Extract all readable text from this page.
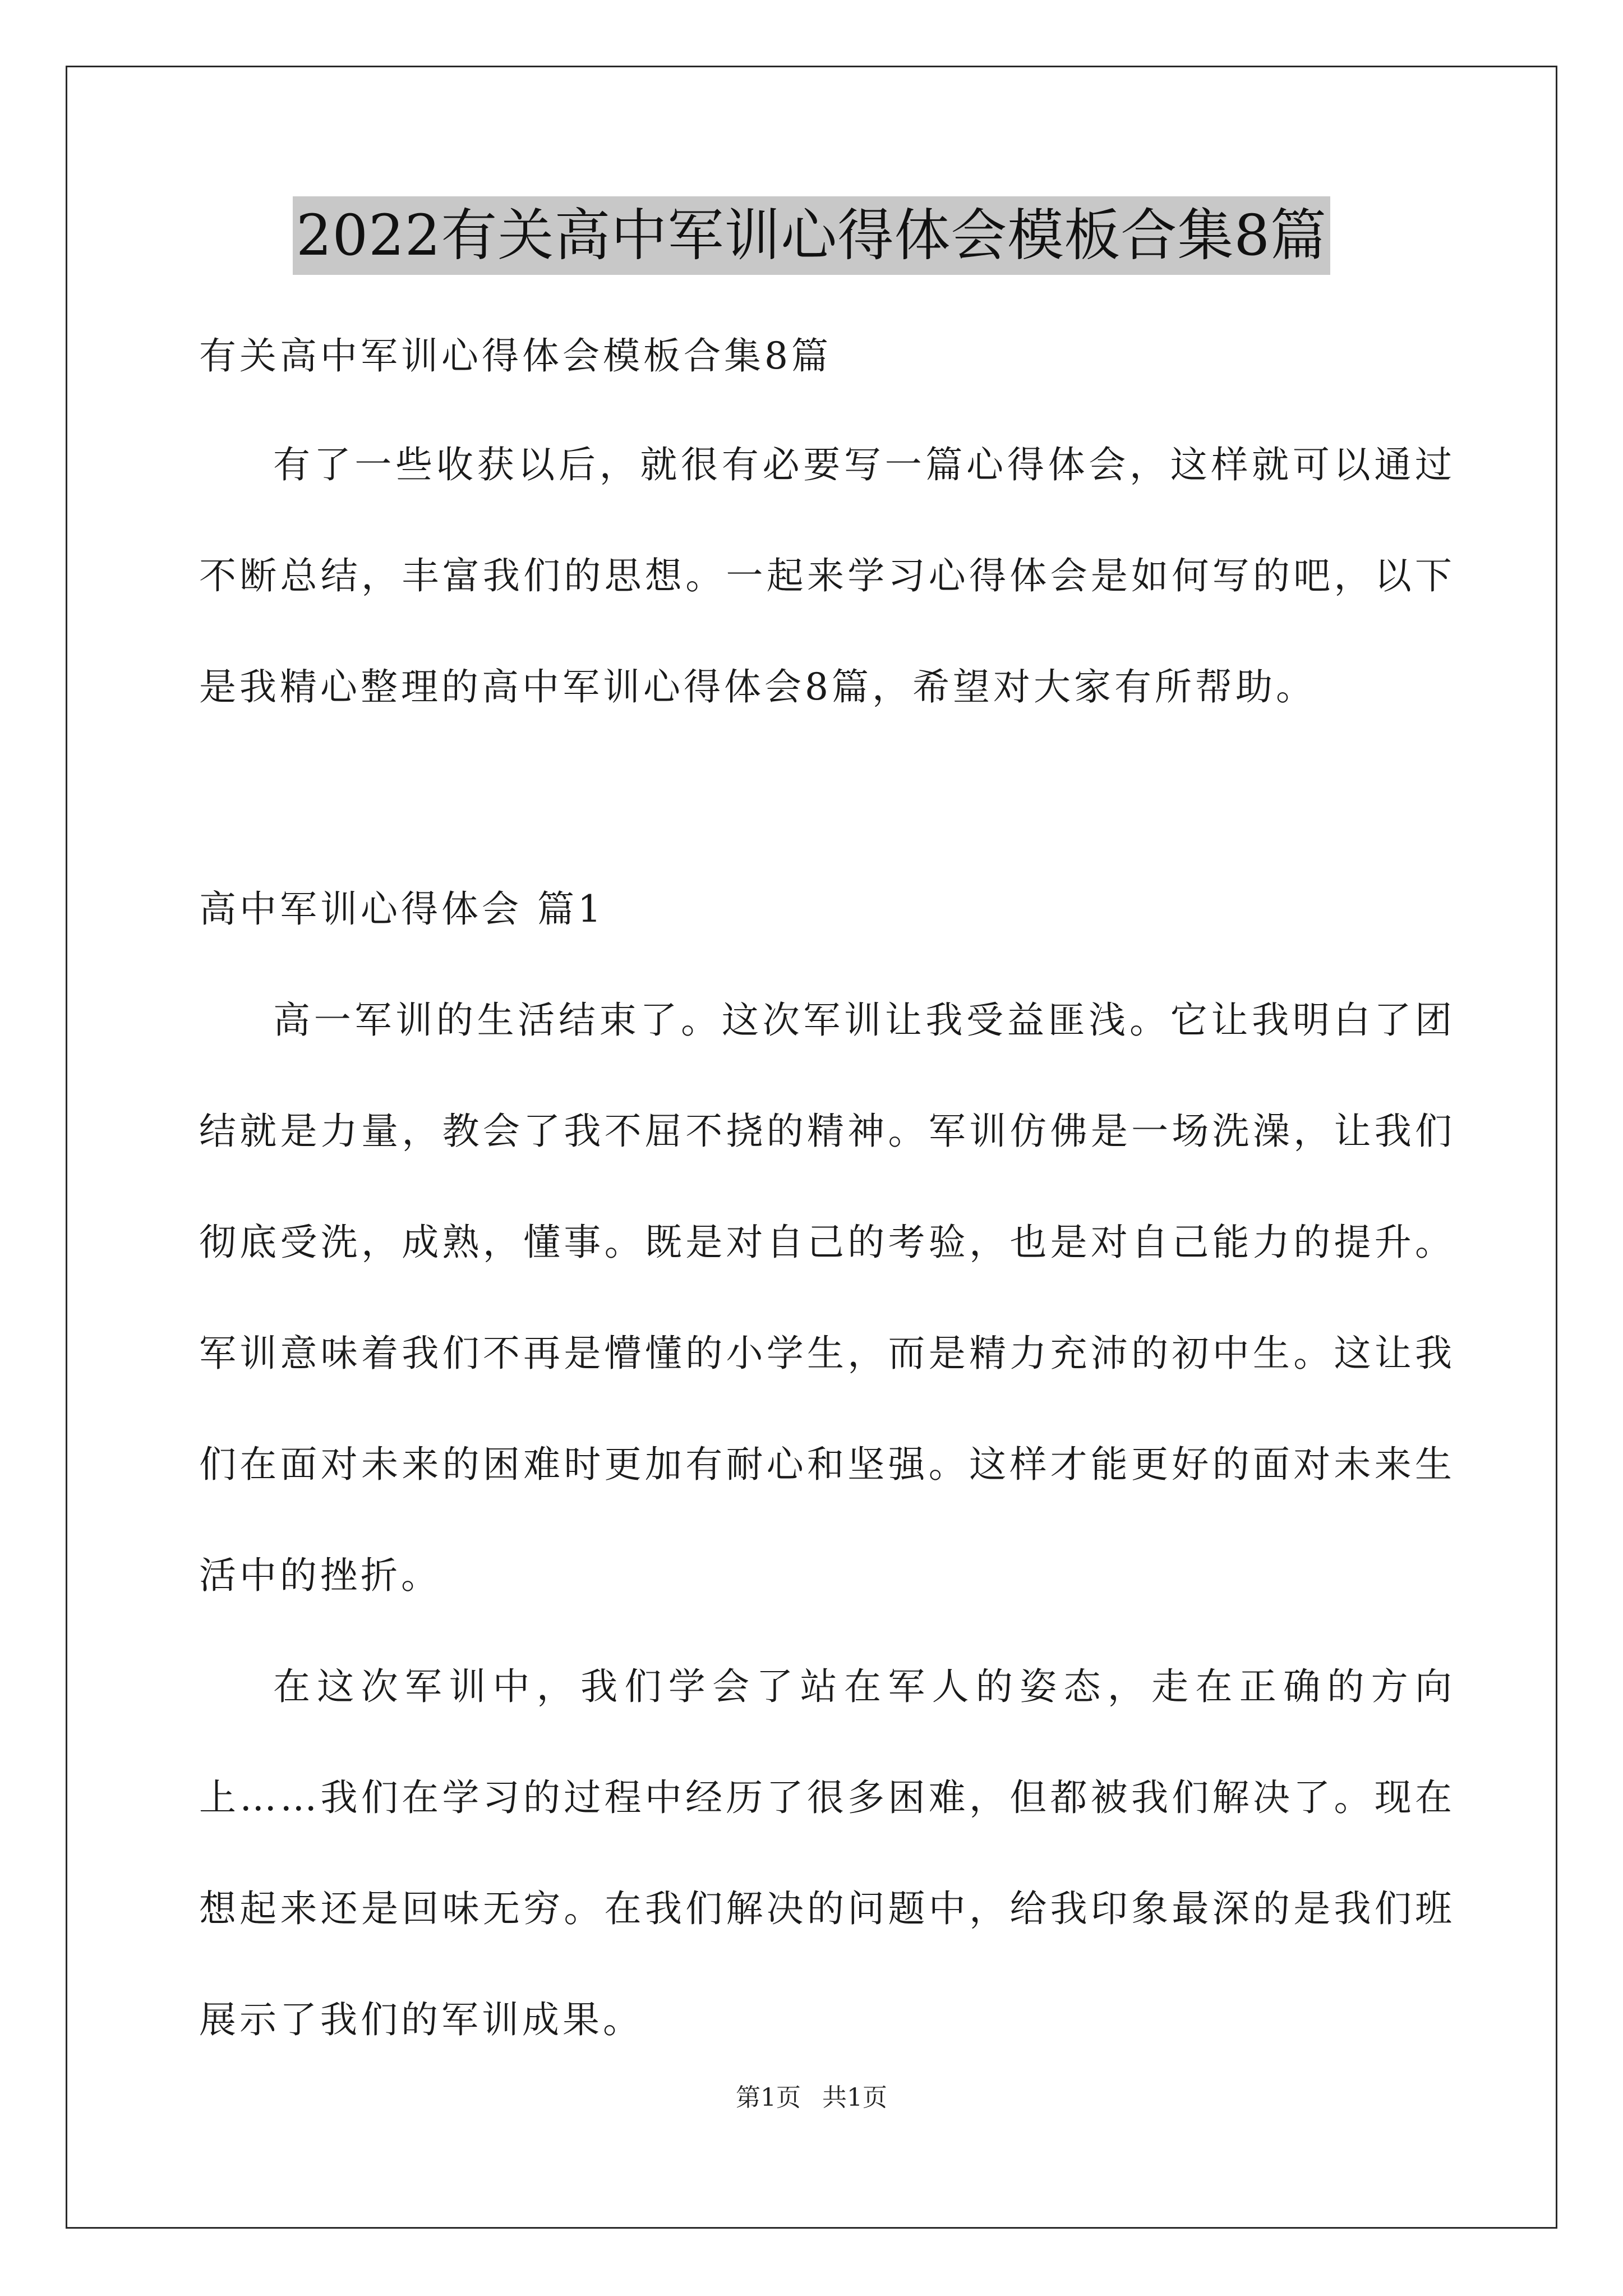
2022有关高中军训心得体会模板合集8篇
有关高中军训心得体会模板合集8篇

有了一些收获以后，就很有必要写一篇心得体会，这样就可以通过不断总结，丰富我们的思想。一起来学习心得体会是如何写的吧，以下是我精心整理的高中军训心得体会8篇，希望对大家有所帮助。

高中军训心得体会 篇1

高一军训的生活结束了。这次军训让我受益匪浅。它让我明白了团结就是力量，教会了我不屈不挠的精神。军训仿佛是一场洗澡，让我们彻底受洗，成熟，懂事。既是对自己的考验，也是对自己能力的提升。军训意味着我们不再是懵懂的小学生，而是精力充沛的初中生。这让我们在面对未来的困难时更加有耐心和坚强。这样才能更好的面对未来生活中的挫折。

在这次军训中，我们学会了站在军人的姿态，走在正确的方向上……我们在学习的过程中经历了很多困难，但都被我们解决了。现在想起来还是回味无穷。在我们解决的问题中，给我印象最深的是我们班展示了我们的军训成果。

第1页 共1页
